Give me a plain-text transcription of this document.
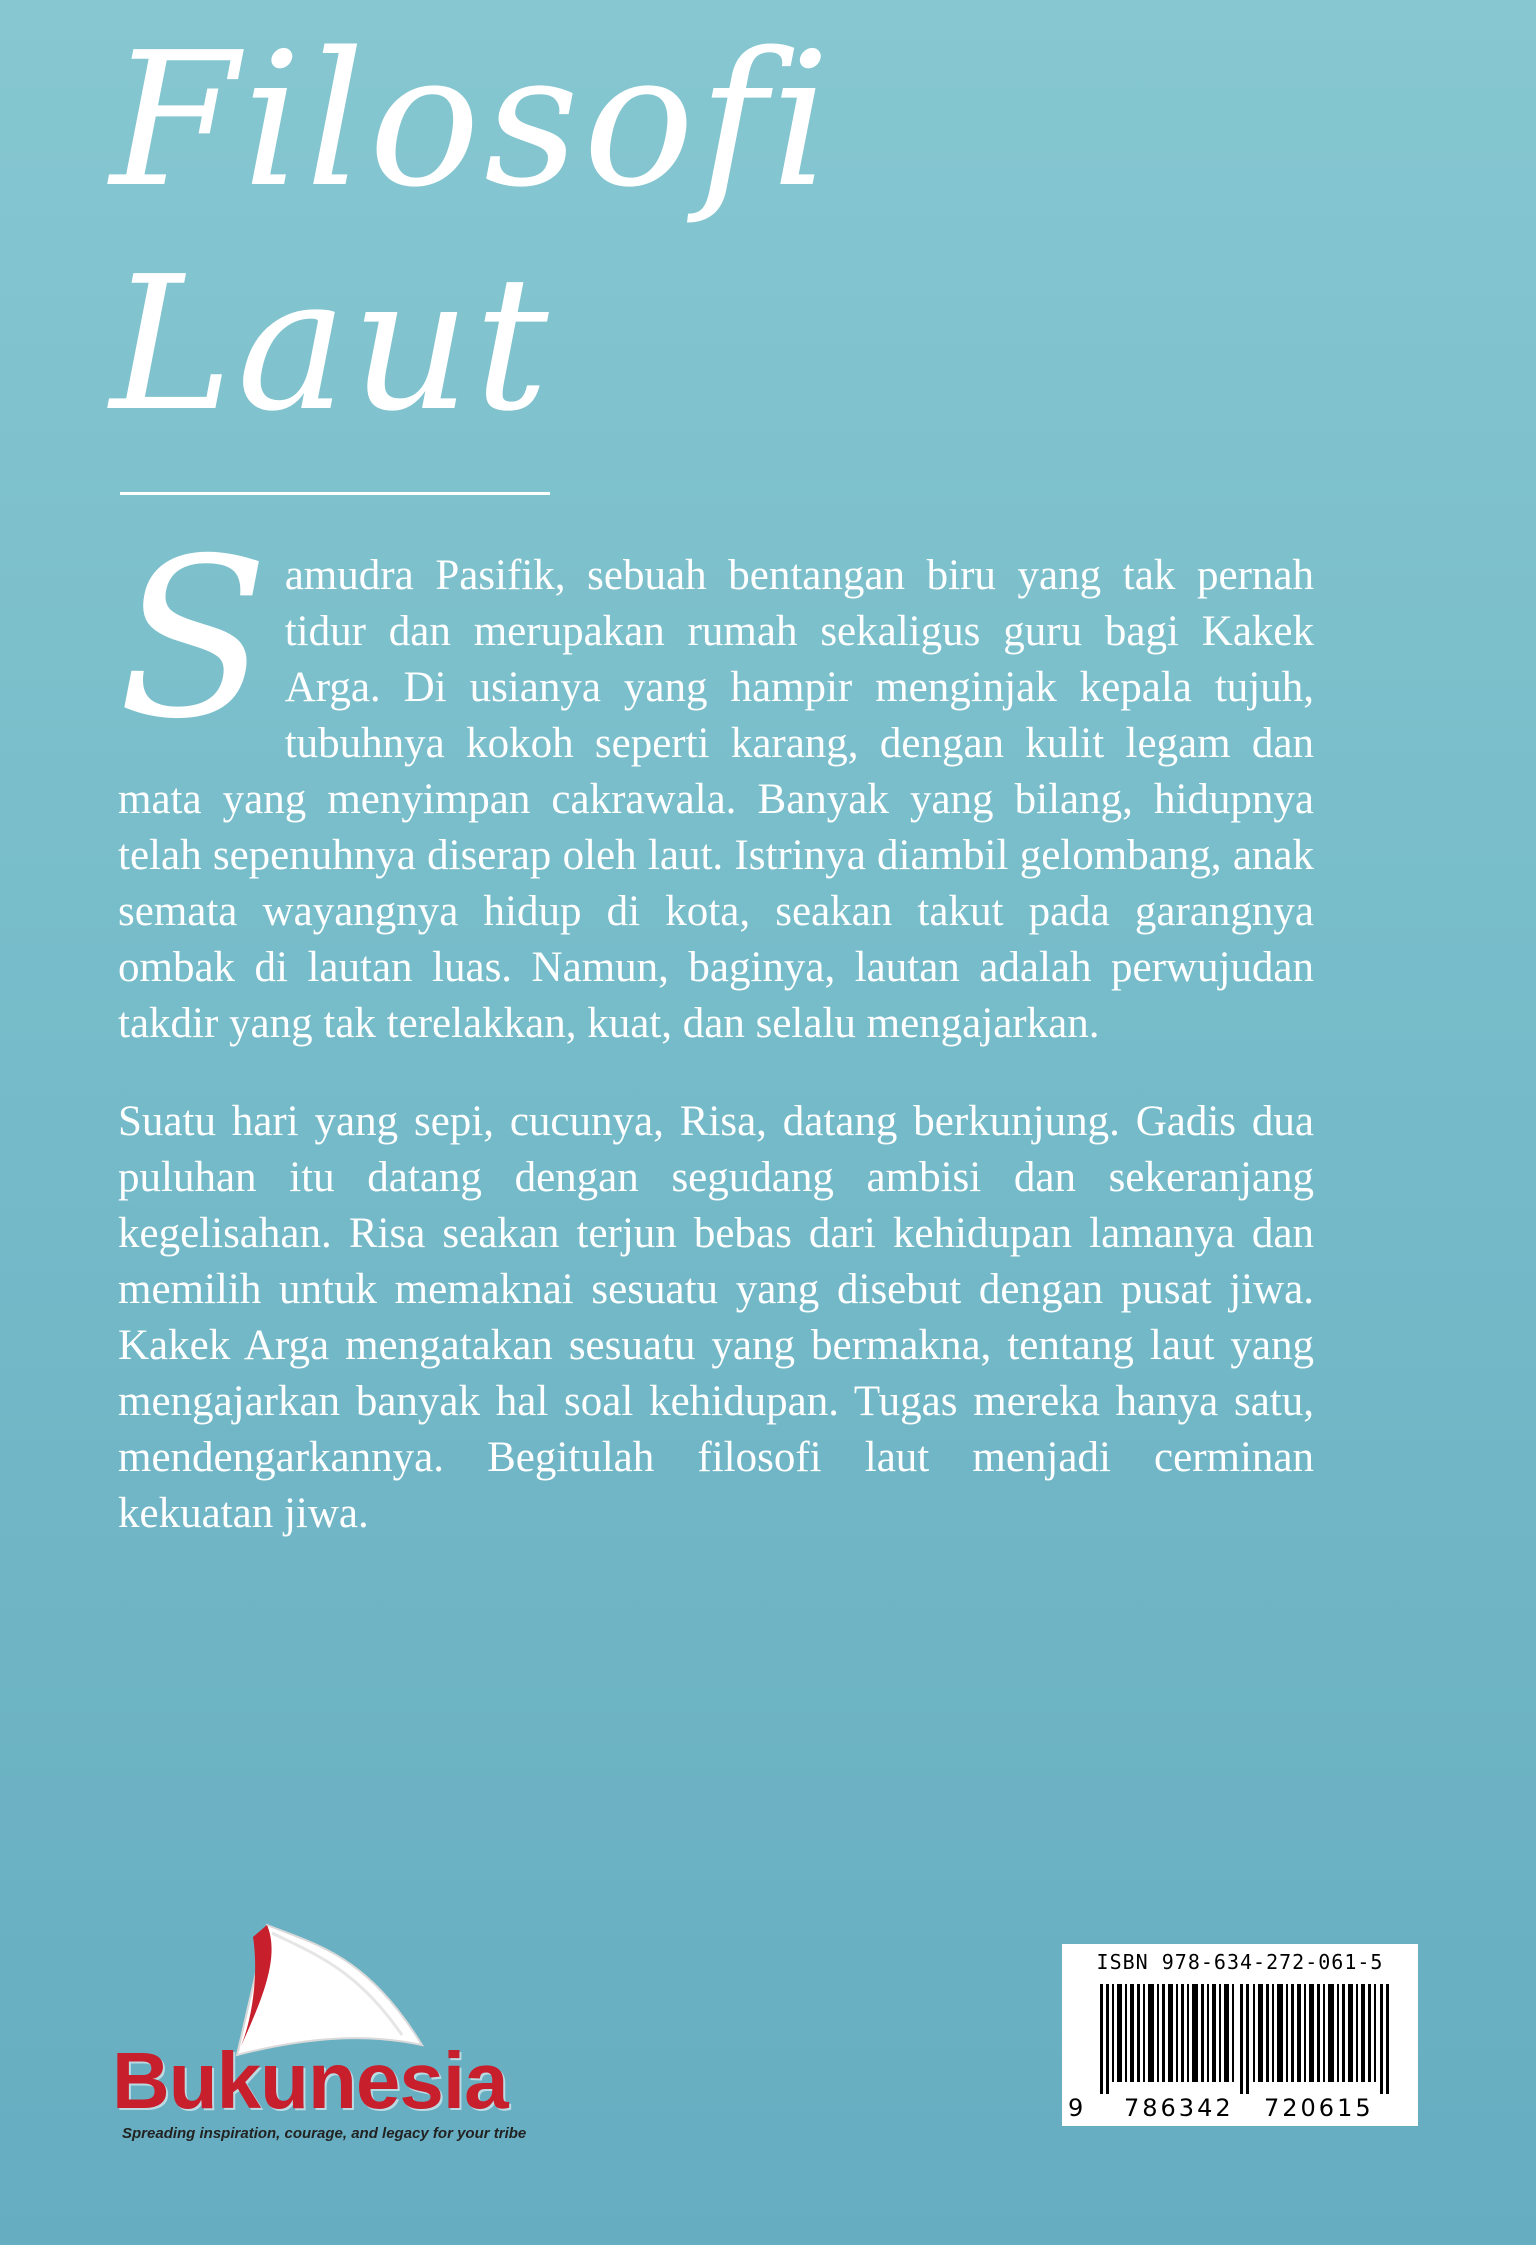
Filosofi
Laut

S amudra Pasifik, sebuah bentangan biru yang tak pernah tidur dan merupakan rumah sekaligus guru bagi Kakek Arga. Di usianya yang hampir menginjak kepala tujuh, tubuhnya kokoh seperti karang, dengan kulit legam dan mata yang menyimpan cakrawala. Banyak yang bilang, hidupnya telah sepenuhnya diserap oleh laut. Istrinya diambil gelombang, anak semata wayangnya hidup di kota, seakan takut pada garangnya ombak di lautan luas. Namun, baginya, lautan adalah perwujudan takdir yang tak terelakkan, kuat, dan selalu mengajarkan.

Suatu hari yang sepi, cucunya, Risa, datang berkunjung. Gadis dua puluhan itu datang dengan segudang ambisi dan sekeranjang kegelisahan. Risa seakan terjun bebas dari kehidupan lamanya dan memilih untuk memaknai sesuatu yang disebut dengan pusat jiwa. Kakek Arga mengatakan sesuatu yang bermakna, tentang laut yang mengajarkan banyak hal soal kehidupan. Tugas mereka hanya satu, mendengarkannya. Begitulah filosofi laut menjadi cerminan kekuatan jiwa.

Bukunesia
Spreading inspiration, courage, and legacy for your tribe
ISBN 978-634-272-061-5
9 786342 720615
